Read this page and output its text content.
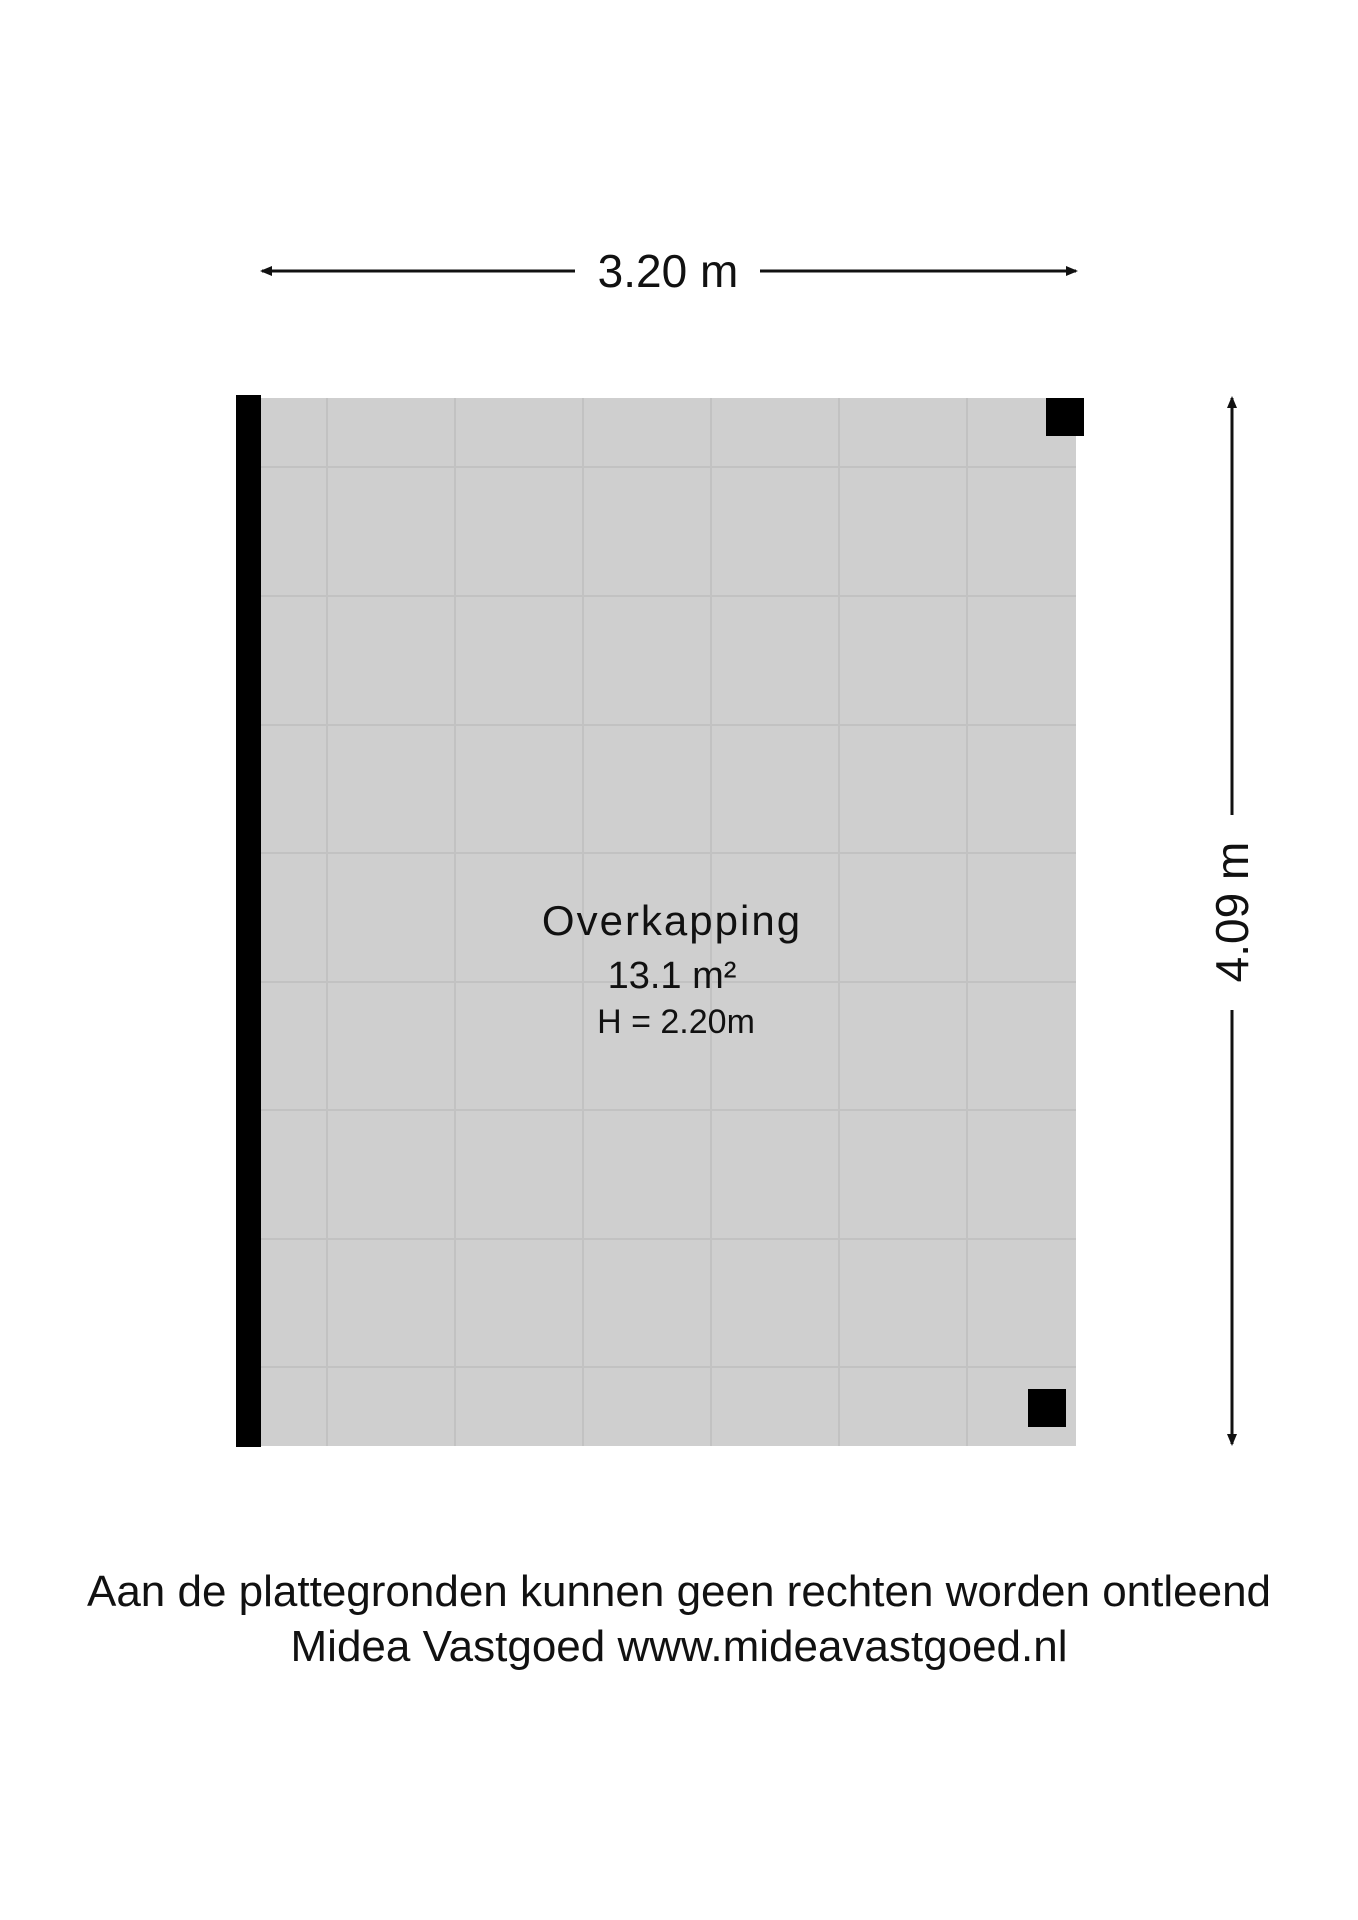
3.20 m
Overkapping
13.1 m²
H = 2.20m
4.09 m
Aan de plattegronden kunnen geen rechten worden ontleend
Midea Vastgoed www.mideavastgoed.nl
